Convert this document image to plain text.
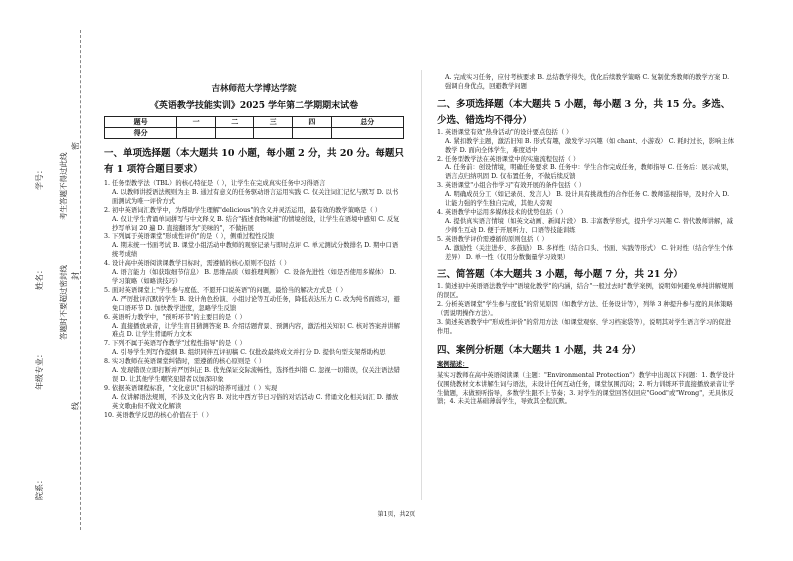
学号：
姓名：
年级专业：
院系：
考生答题不得过此线
答题时不要超过密封线
密
封
线
吉林师范大学博达学院
《英语教学技能实训》2025 学年第二学期期末试卷
题号	一	二	三	四	总分
得分					
一、单项选择题（本大题共 10 小题，每小题 2 分，共 20 分。每题只有 1 项符合题目要求）
1. 任务型教学法（TBL）的核心特征是（ ），让学生在完成真实任务中习得语言
A. 以教师讲授语法规则为主 B. 通过有意义的任务驱动语言运用实践 C. 仅关注词汇记忆与默写 D. 以书面测试为唯一评价方式
2. 初中英语词汇教学中，为帮助学生理解"delicious"的含义并灵活运用，最有效的教学策略是（ ）
A. 仅让学生背诵单词拼写与中文释义 B. 结合"描述食物味道"的情境创设，让学生在语境中感知 C. 反复抄写单词 20 遍 D. 直接翻译为"美味的"，不做拓展
3. 下列属于英语课堂"形成性评价"的是（ ），侧重过程性反馈
A. 期末统一书面考试 B. 课堂小组活动中教师的观察记录与即时点评 C. 单元测试分数排名 D. 期中口语统考成绩
4. 设计高中英语阅读课教学目标时，需遵循的核心原则不包括（ ）
A. 语言能力（如获取细节信息） B. 思维品质（如推理判断） C. 设备先进性（如是否使用多媒体） D. 学习策略（如略读技巧）
5. 面对英语课堂上"学生参与度低、不愿开口说英语"的问题，最恰当的解决方式是（ ）
A. 严厉批评沉默的学生 B. 设计角色扮演、小组讨论等互动任务，降低表达压力 C. 改为纯书面练习，避免口语环节 D. 加快教学进度，忽略学生反馈
6. 英语听力教学中，"预听环节"的主要目的是（ ）
A. 直接播放录音，让学生盲目猜测答案 B. 介绍话题背景、预测内容，激活相关知识 C. 核对答案并讲解难点 D. 让学生背诵听力文本
7. 下列不属于英语写作教学"过程性指导"的是（ ）
A. 引导学生列写作提纲 B. 组织同伴互评初稿 C. 仅批改最终成文并打分 D. 提供句型支架帮助构思
8. 实习教师在英语课堂纠错时，需遵循的核心原则是（ ）
A. 发现错误立即打断并严厉纠正 B. 优先保证交际流畅性，选择性纠错 C. 忽视一切错误，仅关注语法错误 D. 让其他学生嘲笑犯错者以加深印象
9. 依据英语课程标准，"文化意识"目标的培养可通过（ ）实现
A. 仅讲解语法规则，不涉及文化内容 B. 对比中西方节日习俗的对话活动 C. 背诵文化相关词汇 D. 播放英文歌曲但不做文化解读
10. 英语教学反思的核心价值在于（ ）
A. 完成实习任务，应付考核要求 B. 总结教学得失，优化后续教学策略 C. 复制优秀教师的教学方案 D. 强调自身优点，回避教学问题
二、多项选择题（本大题共 5 小题，每小题 3 分，共 15 分。多选、少选、错选均不得分）
1. 英语课堂有效"热身活动"的设计要点包括（ ）
A. 紧扣教学主题，激活旧知 B. 形式有趣，激发学习兴趣（如 chant、小游戏） C. 耗时过长，影响主体教学 D. 面向全体学生，难度适中
2. 任务型教学法在英语课堂中的实施流程包括（ ）
A. 任务前：创设情境，明确任务要求 B. 任务中：学生合作完成任务，教师指导 C. 任务后：展示成果，语言点归纳巩固 D. 仅布置任务，不做后续反馈
3. 英语课堂"小组合作学习"有效开展的条件包括（ ）
A. 明确成员分工（如记录员、发言人） B. 设计具有挑战性的合作任务 C. 教师巡视指导，及时介入 D. 让能力强的学生独自完成，其他人旁观
4. 英语教学中运用多媒体技术的优势包括（ ）
A. 提供真实语言情境（如英文动画、新闻片段） B. 丰富教学形式，提升学习兴趣 C. 替代教师讲解，减少师生互动 D. 便于开展听力、口语等技能训练
5. 英语教学评价需遵循的原则包括（ ）
A. 激励性（关注进步、多鼓励） B. 多样性（结合口头、书面、实践等形式） C. 针对性（结合学生个体差异） D. 单一性（仅用分数衡量学习效果）
三、简答题（本大题共 3 小题，每小题 7 分，共 21 分）
1. 简述初中英语语法教学中"语境化教学"的内涵，结合"一般过去时"教学案例，说明如何避免单纯讲解规则的误区。
2. 分析英语课堂"学生参与度低"的常见原因（如教学方法、任务设计等），列举 3 种提升参与度的具体策略（需说明操作方法）。
3. 简述英语教学中"形成性评价"的常用方法（如课堂观察、学习档案袋等），说明其对学生语言学习的促进作用。
四、案例分析题（本大题共 1 小题，共 24 分）
案例描述：
某实习教师在高中英语阅读课（主题："Environmental Protection"）教学中出现以下问题：1. 教学设计仅围绕教材文本讲解生词与语法，未设计任何互动任务，课堂氛围沉闷；2. 听力训练环节直接播放录音让学生做题，未做预听指导，多数学生跟不上节奏；3. 对学生的课堂回答仅回应"Good"或"Wrong"，无具体反馈；4. 未关注基础薄弱学生，导致其全程沉默。
第1页，共2页
